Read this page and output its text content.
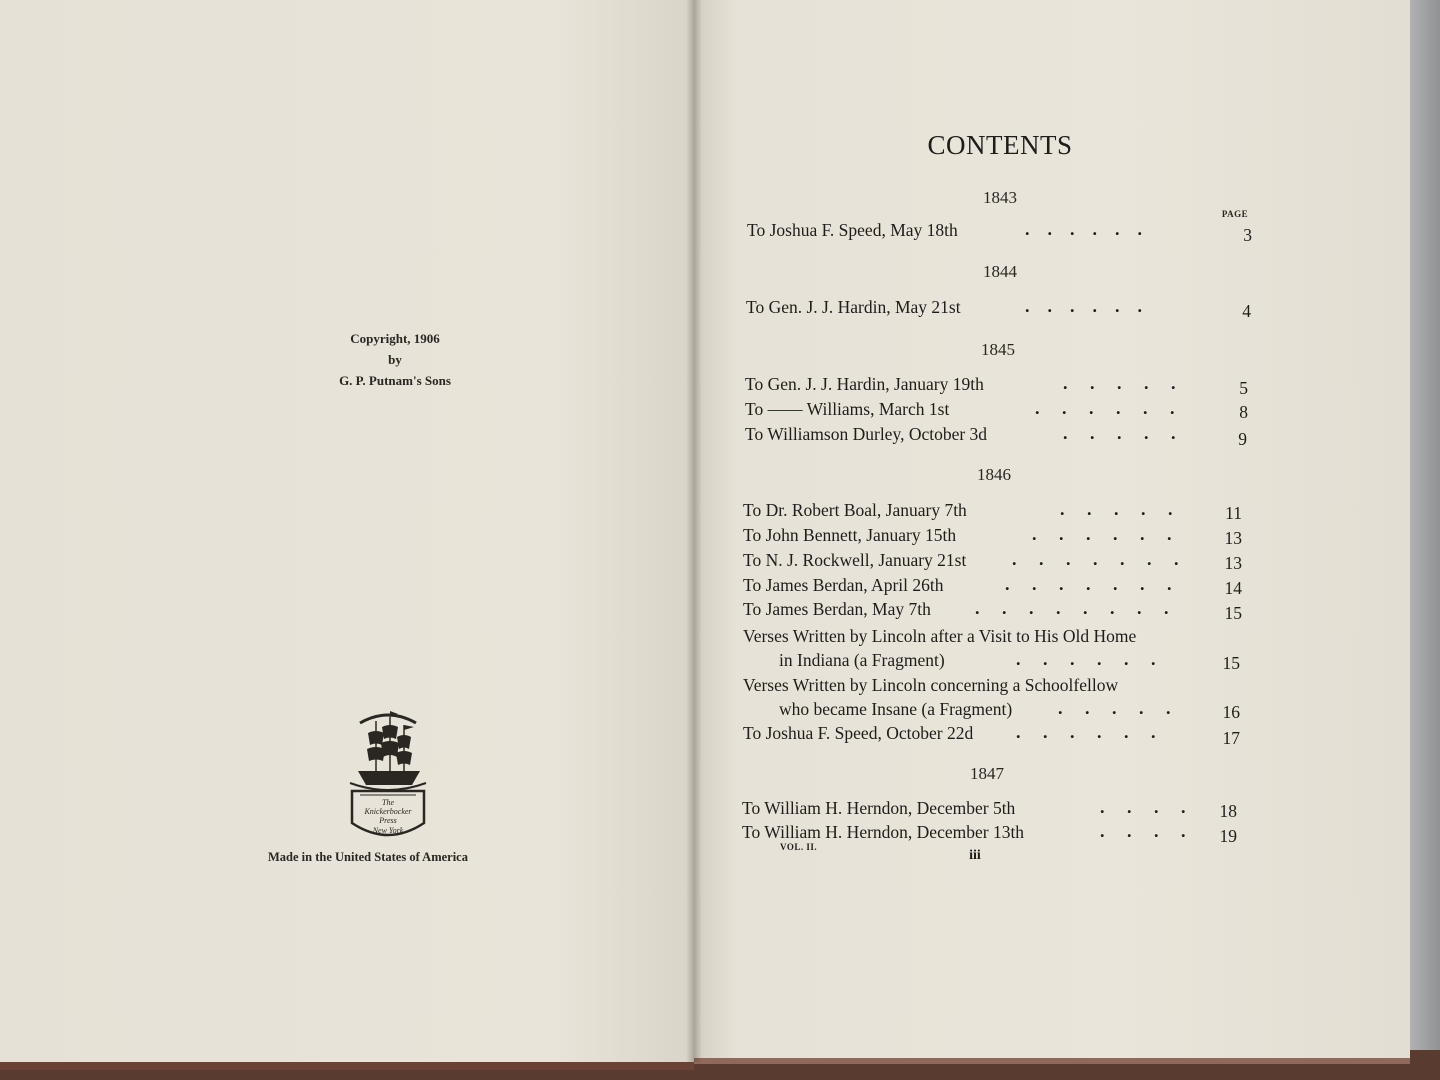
Copyright, 1906
by
G. P. Putnam's Sons
The
Knickerbocker
Press
New York
Made in the United States of America
CONTENTS
1843
PAGE
To Joshua F. Speed, May 18th	.    .    .    .    .    .	3
1844
To Gen. J. J. Hardin, May 21st	.    .    .    .    .    .	4
1845
To Gen. J. J. Hardin, January 19th	.     .     .     .     .	5
To —— Williams, March 1st	.     .     .     .     .     .	8
To Williamson Durley, October 3d	.     .     .     .     .	9
1846
To Dr. Robert Boal, January 7th	.     .     .     .     .	11
To John Bennett, January 15th	.     .     .     .     .     .	13
To N. J. Rockwell, January 21st	.     .     .     .     .     .     .	13
To James Berdan, April 26th	.     .     .     .     .     .     .	14
To James Berdan, May 7th .     .     .     .     .     .     .     .	15
Verses Written by Lincoln after a Visit to His Old Home
in Indiana (a Fragment)	.     .     .     .     .     .	15
Verses Written by Lincoln concerning a Schoolfellow
who became Insane (a Fragment)	.     .     .     .     .	16
To Joshua F. Speed, October 22d .     .     .     .     .     .	17
1847
To William H. Herndon, December 5th	.     .     .     .	18
To William H. Herndon, December 13th	.     .     .     .	19
VOL. II.
iii
